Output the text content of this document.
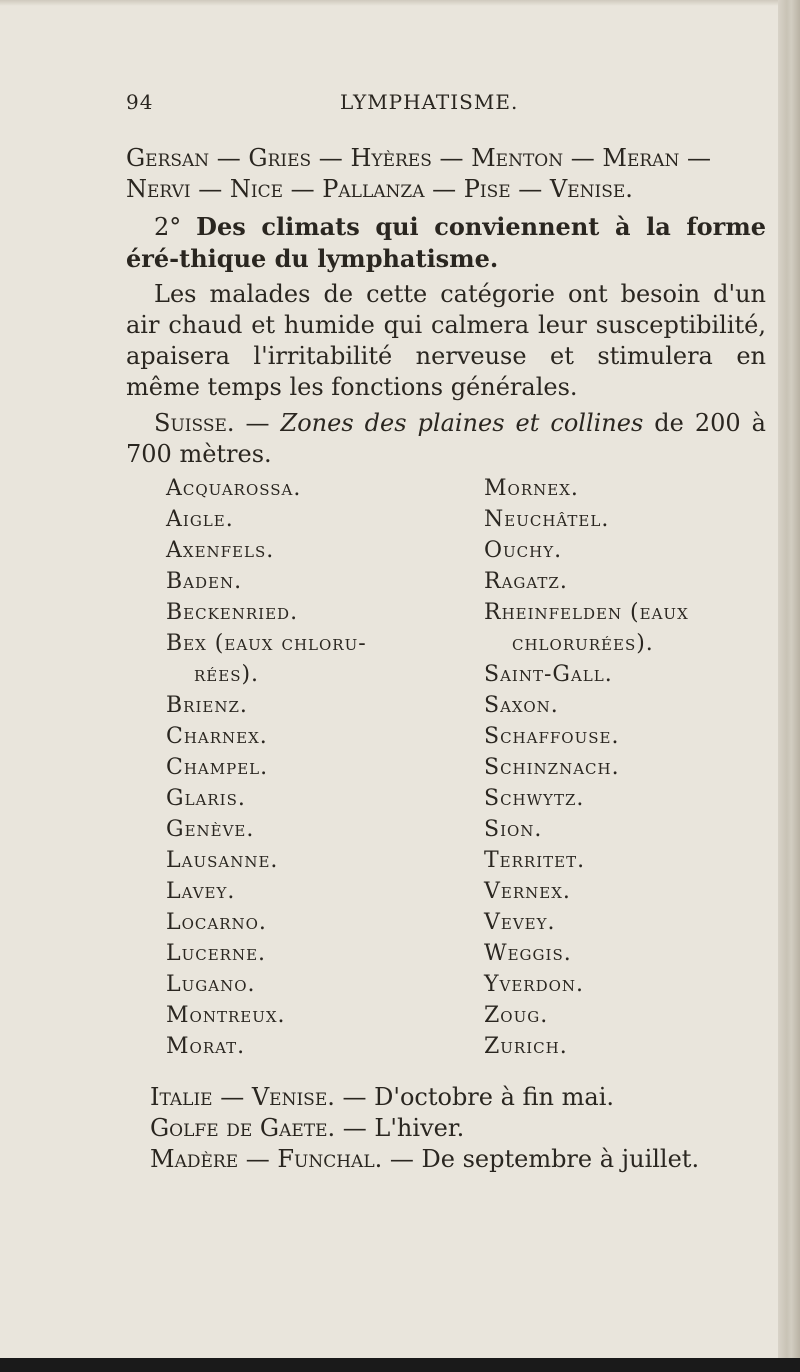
94	LYMPHATISME.
Gersan — Gries — Hyères — Menton — Meran —
Nervi — Nice — Pallanza — Pise — Venise.
2° Des climats qui conviennent à la forme éré-thique du lymphatisme.
Les malades de cette catégorie ont besoin d'un air chaud et humide qui calmera leur susceptibilité, apaisera l'irritabilité nerveuse et stimulera en même temps les fonctions générales.
Suisse. — Zones des plaines et collines de 200 à 700 mètres.
Acquarossa.
Aigle.
Axenfels.
Baden.
Beckenried.
Bex (eaux chloru-
rées).
Brienz.
Charnex.
Champel.
Glaris.
Genève.
Lausanne.
Lavey.
Locarno.
Lucerne.
Lugano.
Montreux.
Morat.
Mornex.
Neuchâtel.
Ouchy.
Ragatz.
Rheinfelden (eaux
chlorurées).
Saint-Gall.
Saxon.
Schaffouse.
Schinznach.
Schwytz.
Sion.
Territet.
Vernex.
Vevey.
Weggis.
Yverdon.
Zoug.
Zurich.
Italie — Venise. — D'octobre à fin mai.
Golfe de Gaete. — L'hiver.
Madère — Funchal. — De septembre à juillet.
